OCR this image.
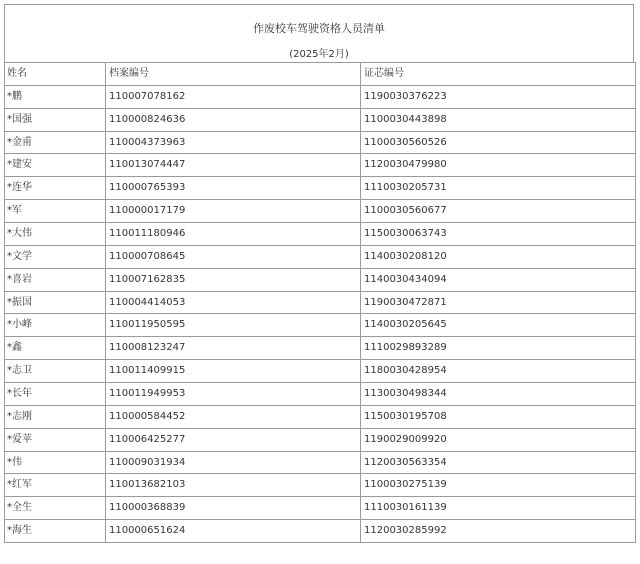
作废校车驾驶资格人员清单
(2025年2月)
姓名	档案编号	证芯编号
*鹏	110007078162	1190030376223
*国强	110000824636	1100030443898
*金甫	110004373963	1100030560526
*建安	110013074447	1120030479980
*连华	110000765393	1110030205731
*军	110000017179	1100030560677
*大伟	110011180946	1150030063743
*文学	110000708645	1140030208120
*喜岩	110007162835	1140030434094
*振国	110004414053	1190030472871
*小峰	110011950595	1140030205645
*鑫	110008123247	1110029893289
*志卫	110011409915	1180030428954
*长年	110011949953	1130030498344
*志刚	110000584452	1150030195708
*爱苹	110006425277	1190029009920
*伟	110009031934	1120030563354
*红军	110013682103	1100030275139
*全生	110000368839	1110030161139
*海生	110000651624	1120030285992
